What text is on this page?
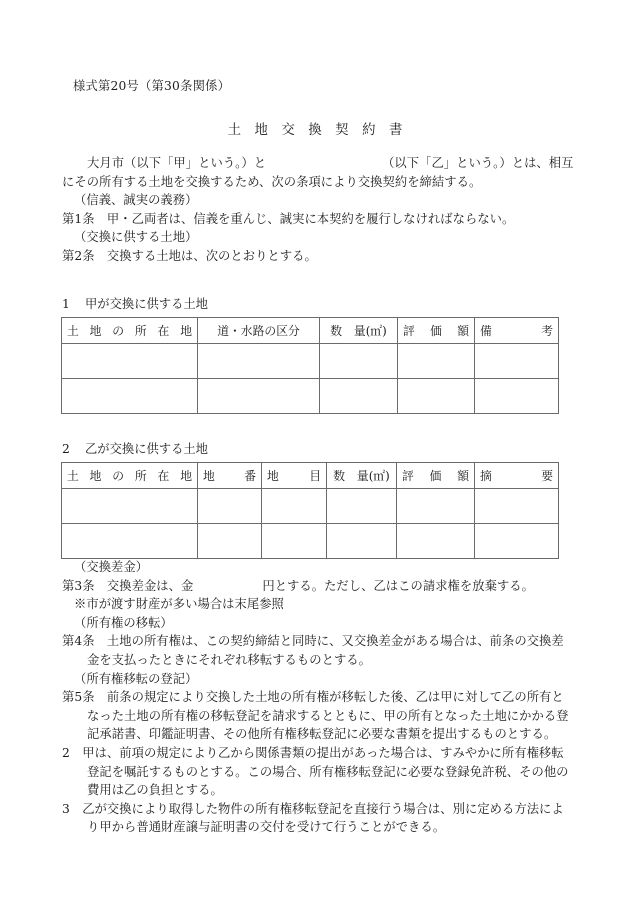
様式第20号（第30条関係）
土地交換契約書
大月市（以下「甲」という。）と	（以下「乙」という。）とは、相互
にその所有する土地を交換するため、次の条項により交換契約を締結する。
（信義、誠実の義務）
第1条　甲・乙両者は、信義を重んじ、誠実に本契約を履行しなければならない。
（交換に供する土地）
第2条　交換する土地は、次のとおりとする。
1 甲が交換に供する土地
土地の所在地	道・水路の区分	数　量(㎡)	評価額	備考

2 乙が交換に供する土地
土地の所在地	地番	地目	数　量(㎡)	評価額	摘要

（交換差金）
第3条　交換差金は、金	円とする。ただし、乙はこの請求権を放棄する。
※市が渡す財産が多い場合は末尾参照
（所有権の移転）
第4条　土地の所有権は、この契約締結と同時に、又交換差金がある場合は、前条の交換差
金を支払ったときにそれぞれ移転するものとする。
（所有権移転の登記）
第5条　前条の規定により交換した土地の所有権が移転した後、乙は甲に対して乙の所有と
なった土地の所有権の移転登記を請求するとともに、甲の所有となった土地にかかる登
記承諾書、印鑑証明書、その他所有権移転登記に必要な書類を提出するものとする。
2　甲は、前項の規定により乙から関係書類の提出があった場合は、すみやかに所有権移転
登記を嘱託するものとする。この場合、所有権移転登記に必要な登録免許税、その他の
費用は乙の負担とする。
3　乙が交換により取得した物件の所有権移転登記を直接行う場合は、別に定める方法によ
り甲から普通財産譲与証明書の交付を受けて行うことができる。
